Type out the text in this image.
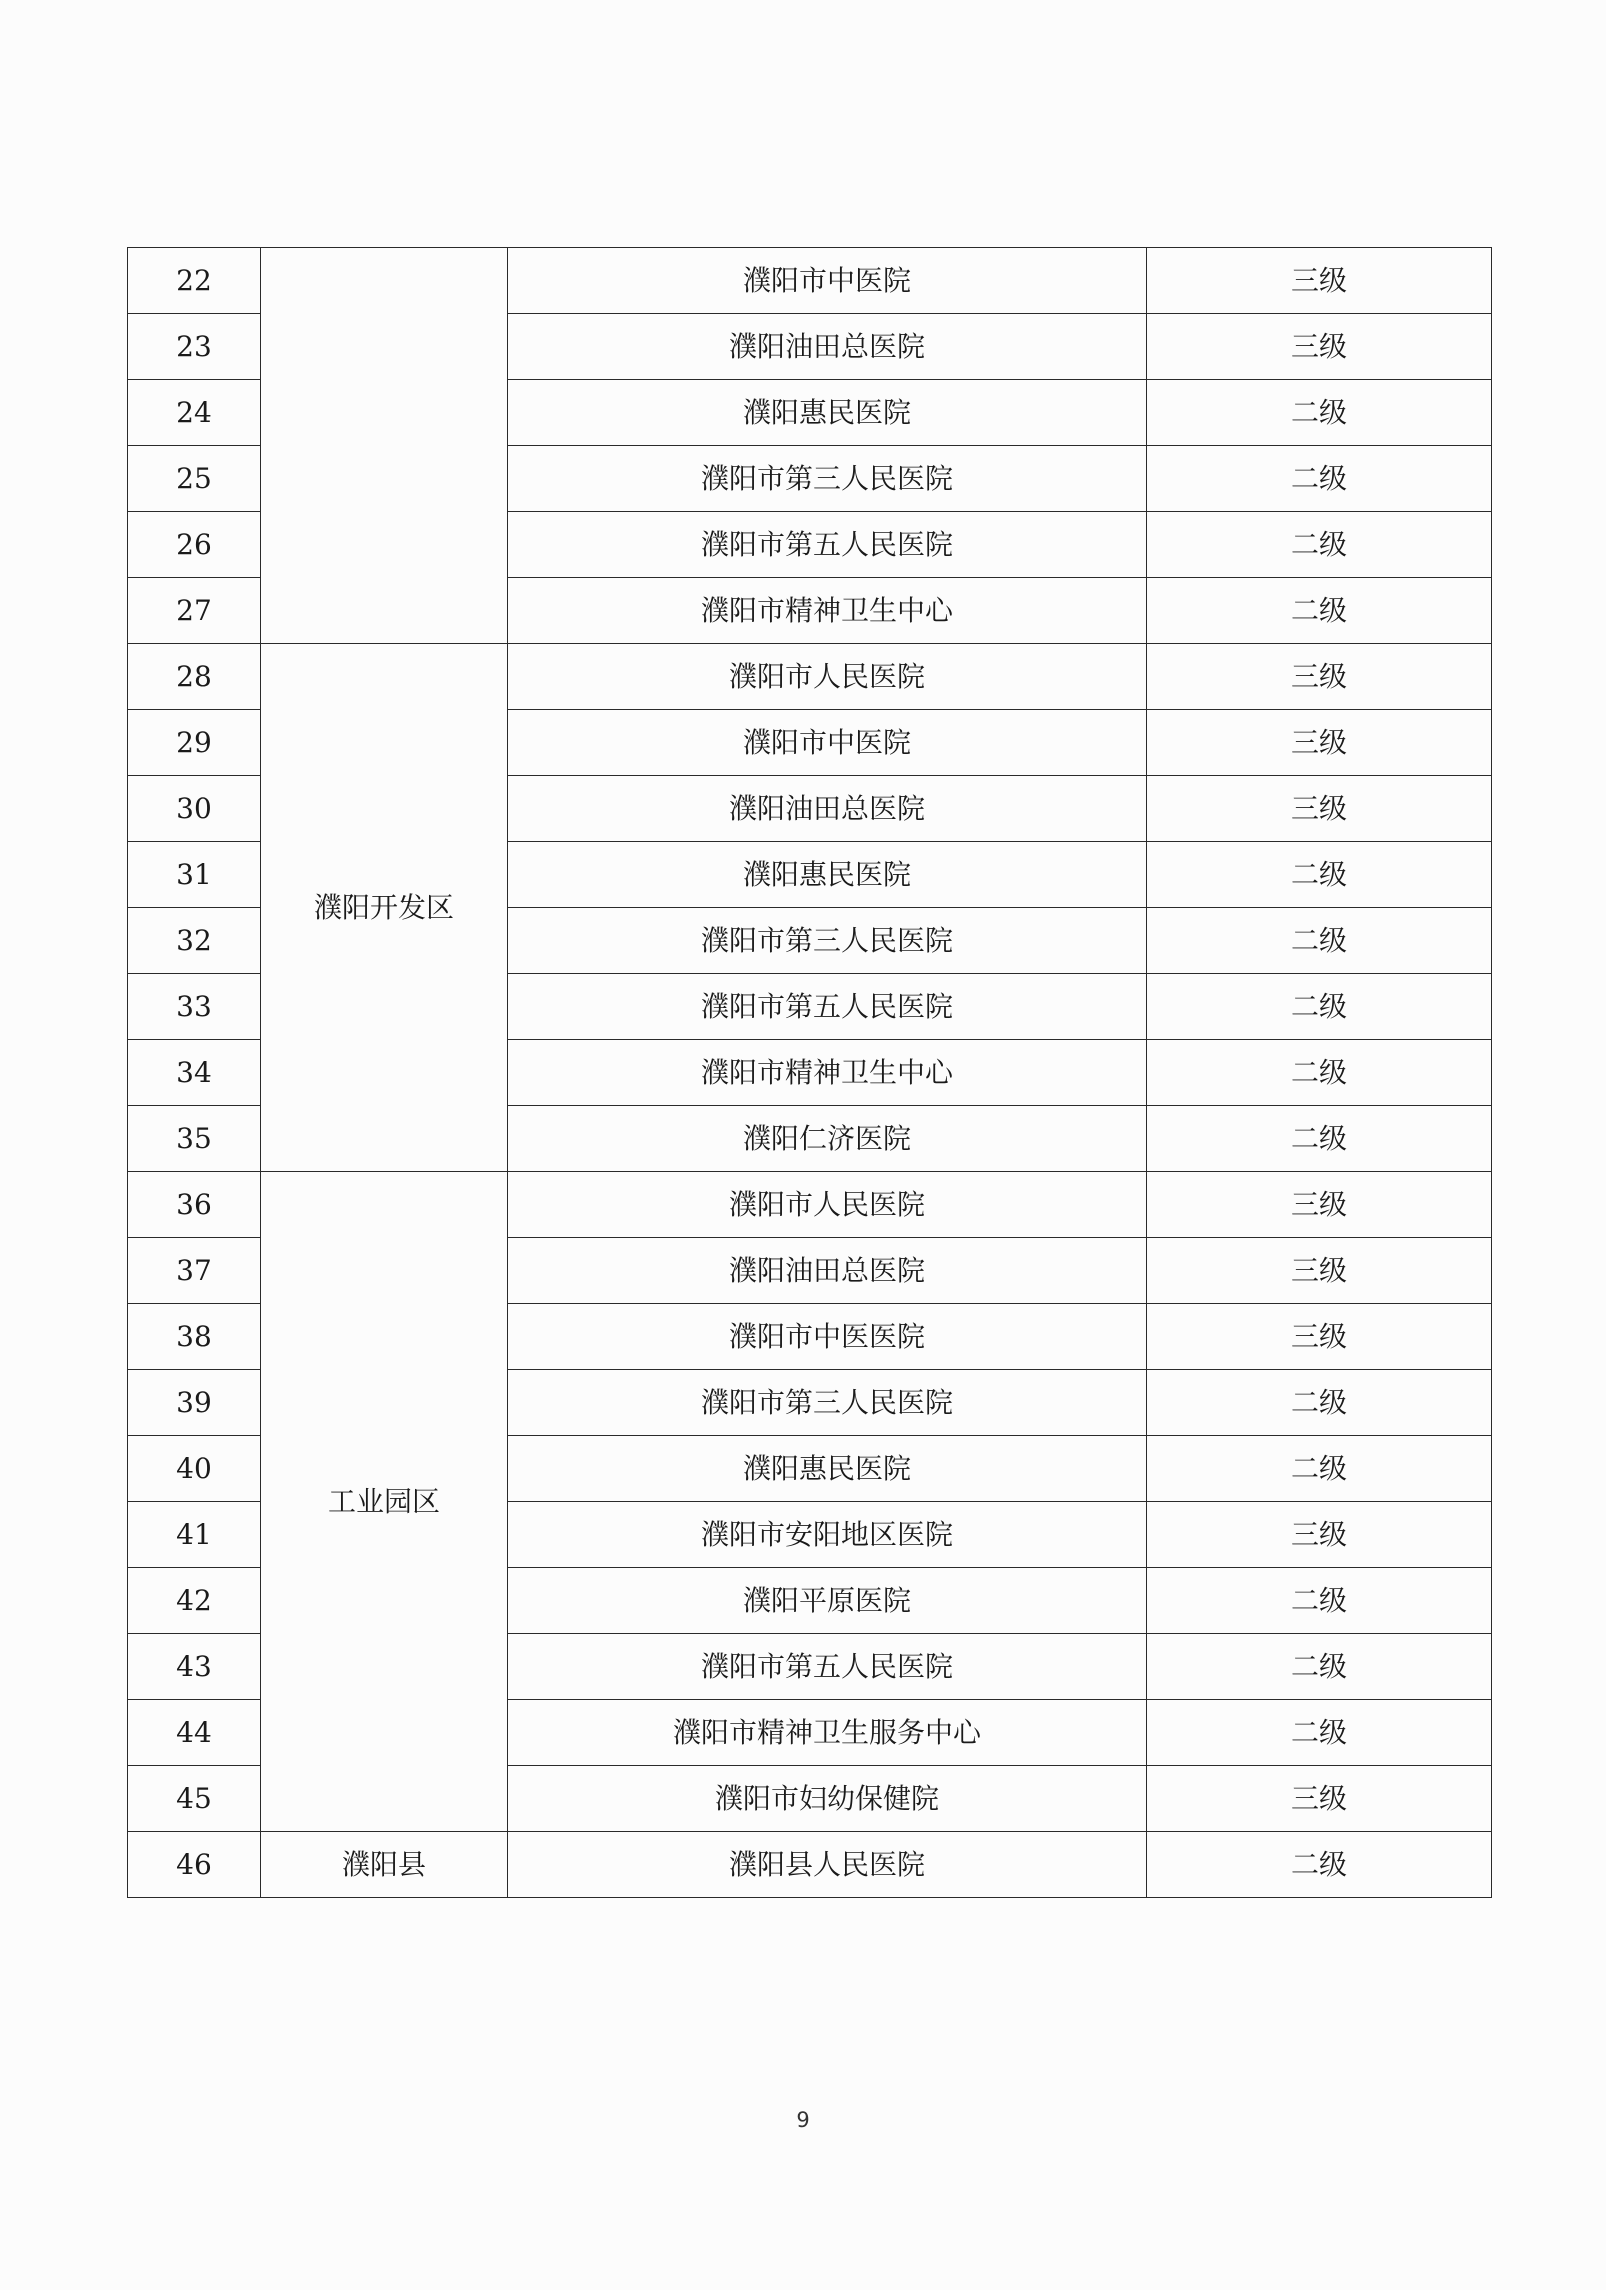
22		濮阳市中医院	三级
23		濮阳油田总医院	三级
24		濮阳惠民医院	二级
25		濮阳市第三人民医院	二级
26		濮阳市第五人民医院	二级
27		濮阳市精神卫生中心	二级
28	濮阳开发区	濮阳市人民医院	三级
29		濮阳市中医院	三级
30		濮阳油田总医院	三级
31		濮阳惠民医院	二级
32		濮阳市第三人民医院	二级
33		濮阳市第五人民医院	二级
34		濮阳市精神卫生中心	二级
35		濮阳仁济医院	二级
36	工业园区	濮阳市人民医院	三级
37		濮阳油田总医院	三级
38		濮阳市中医医院	三级
39		濮阳市第三人民医院	二级
40		濮阳惠民医院	二级
41		濮阳市安阳地区医院	三级
42		濮阳平原医院	二级
43		濮阳市第五人民医院	二级
44		濮阳市精神卫生服务中心	二级
45		濮阳市妇幼保健院	三级
46	濮阳县	濮阳县人民医院	二级
9
